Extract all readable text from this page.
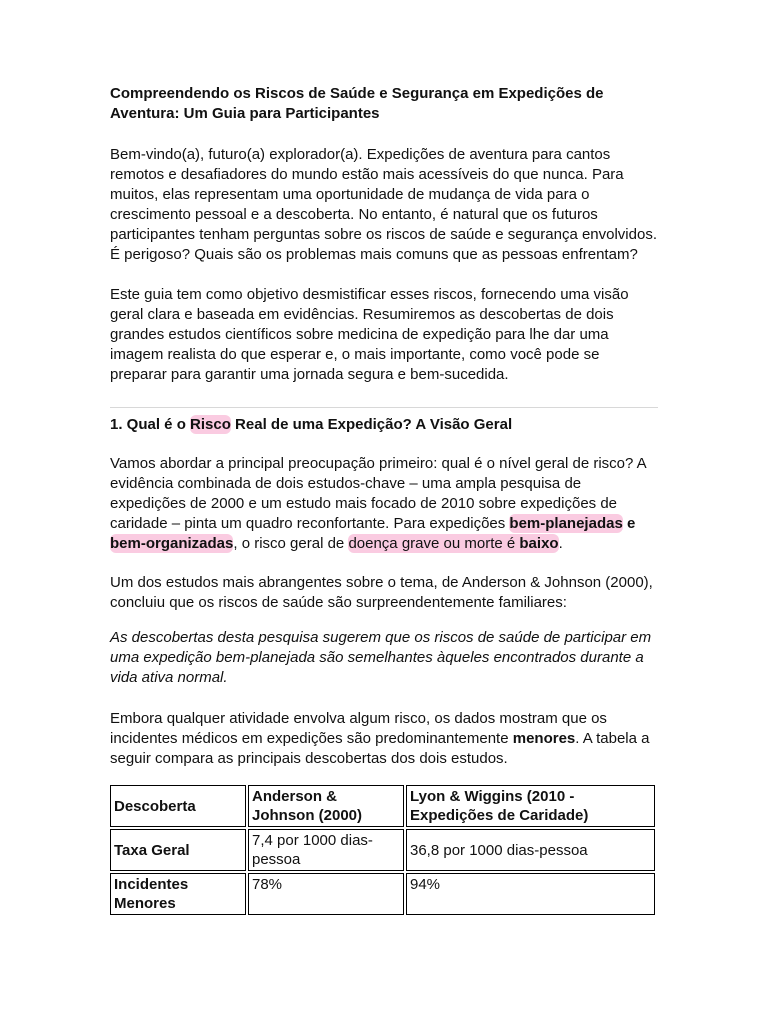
Compreendendo os Riscos de Saúde e Segurança em Expedições de Aventura: Um Guia para Participantes

Bem-vindo(a), futuro(a) explorador(a). Expedições de aventura para cantos remotos e desafiadores do mundo estão mais acessíveis do que nunca. Para muitos, elas representam uma oportunidade de mudança de vida para o crescimento pessoal e a descoberta. No entanto, é natural que os futuros participantes tenham perguntas sobre os riscos de saúde e segurança envolvidos. É perigoso? Quais são os problemas mais comuns que as pessoas enfrentam?

Este guia tem como objetivo desmistificar esses riscos, fornecendo uma visão geral clara e baseada em evidências. Resumiremos as descobertas de dois grandes estudos científicos sobre medicina de expedição para lhe dar uma imagem realista do que esperar e, o mais importante, como você pode se preparar para garantir uma jornada segura e bem-sucedida.

1. Qual é o Risco Real de uma Expedição? A Visão Geral

Vamos abordar a principal preocupação primeiro: qual é o nível geral de risco? A evidência combinada de dois estudos-chave – uma ampla pesquisa de expedições de 2000 e um estudo mais focado de 2010 sobre expedições de caridade – pinta um quadro reconfortante. Para expedições bem-planejadas e bem-organizadas, o risco geral de doença grave ou morte é baixo.

Um dos estudos mais abrangentes sobre o tema, de Anderson & Johnson (2000), concluiu que os riscos de saúde são surpreendentemente familiares:

As descobertas desta pesquisa sugerem que os riscos de saúde de participar em uma expedição bem-planejada são semelhantes àqueles encontrados durante a vida ativa normal.

Embora qualquer atividade envolva algum risco, os dados mostram que os incidentes médicos em expedições são predominantemente menores. A tabela a seguir compara as principais descobertas dos dois estudos.

Descoberta	Anderson & Johnson (2000)	Lyon & Wiggins (2010 - Expedições de Caridade)
Taxa Geral	7,4 por 1000 dias-pessoa	36,8 por 1000 dias-pessoa
Incidentes Menores	78%	94%
